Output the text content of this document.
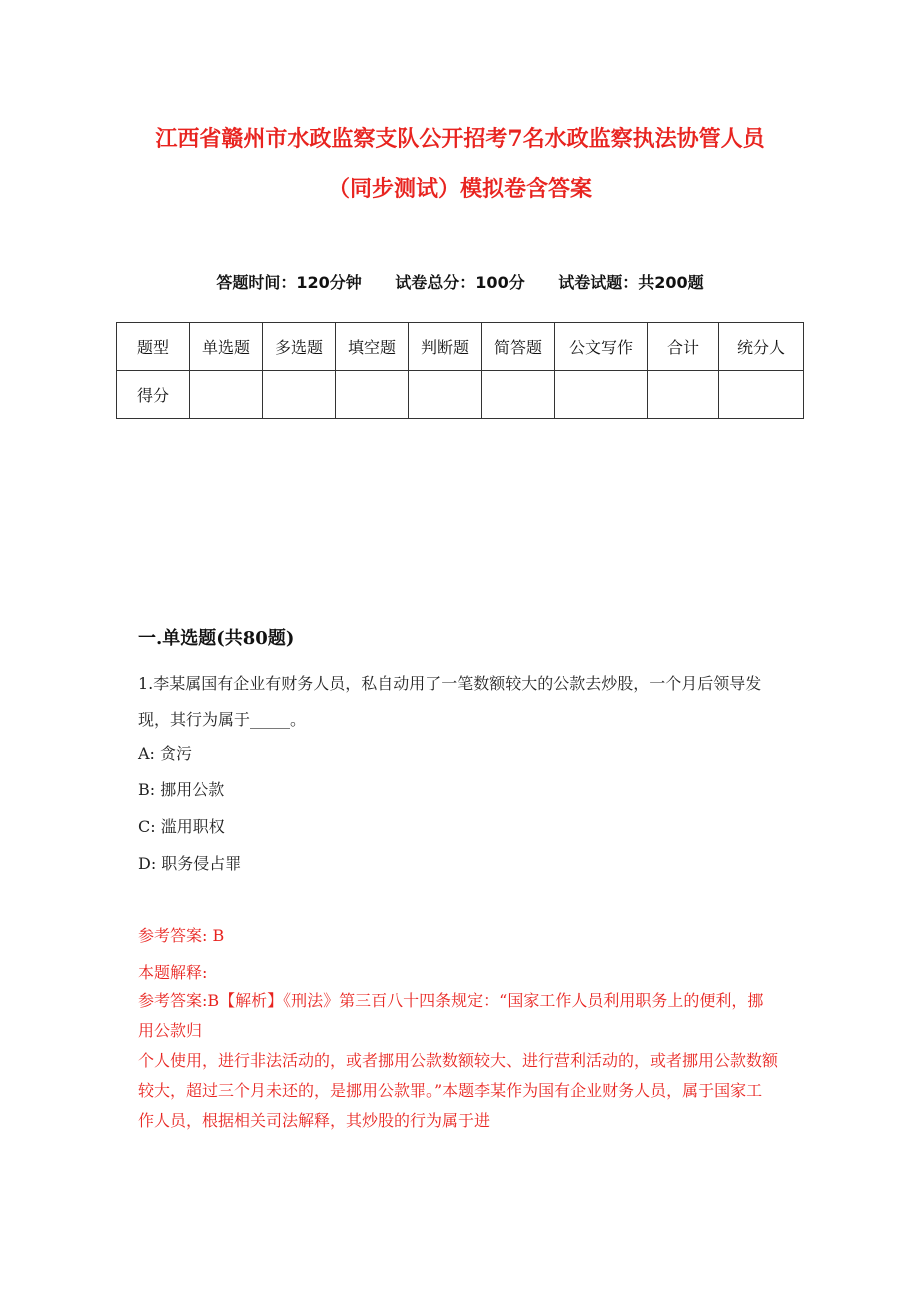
江西省赣州市水政监察支队公开招考7名水政监察执法协管人员
（同步测试）模拟卷含答案
答题时间：120分钟 试卷总分：100分 试卷试题：共200题
题型	单选题	多选题	填空题	判断题	简答题	公文写作	合计	统分人
得分								
一.单选题(共80题)
1.李某属国有企业有财务人员，私自动用了一笔数额较大的公款去炒股，一个月后领导发现，其行为属于_____。
A: 贪污
B: 挪用公款
C: 滥用职权
D: 职务侵占罪
参考答案: B
本题解释:
参考答案:B【解析】《刑法》第三百八十四条规定：“国家工作人员利用职务上的便利，挪用公款归
个人使用，进行非法活动的，或者挪用公款数额较大、进行营利活动的，或者挪用公款数额较大，超过三个月未还的，是挪用公款罪。”本题李某作为国有企业财务人员，属于国家工作人员，根据相关司法解释，其炒股的行为属于进
